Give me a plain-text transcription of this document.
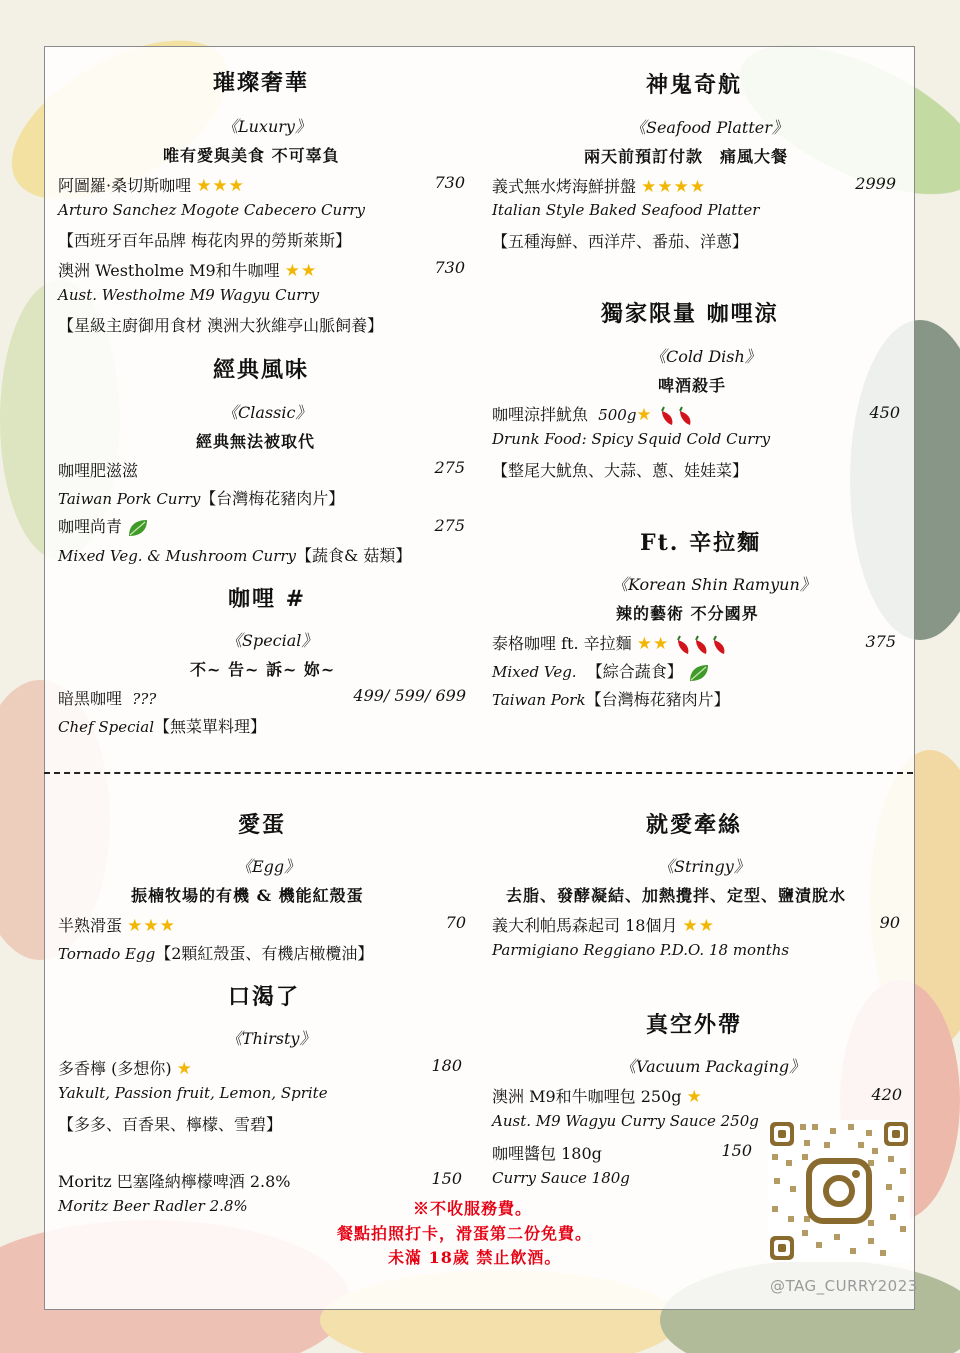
璀璨奢華
《Luxury》
唯有愛與美食 不可辜負
阿圖羅·桑切斯咖哩 ★★★	730
Arturo Sanchez Mogote Cabecero Curry
【西班牙百年品牌 梅花肉界的勞斯萊斯】
澳洲 Westholme M9和牛咖哩 ★★	730
Aust. Westholme M9 Wagyu Curry
【星級主廚御用食材 澳洲大狄維亭山脈飼養】
經典風味
《Classic》
經典無法被取代
咖哩肥滋滋	275
Taiwan Pork Curry【台灣梅花豬肉片】
咖哩尚青	275
Mixed Veg. & Mushroom Curry【蔬食& 菇類】
咖哩 #
《Special》
不~ 告~ 訴~ 妳~
暗黑咖哩 ???	499/ 599/ 699
Chef Special【無菜單料理】
神鬼奇航
《Seafood Platter》
兩天前預訂付款　痛風大餐
義式無水烤海鮮拼盤 ★★★★	2999
Italian Style Baked Seafood Platter
【五種海鮮、西洋芹、番茄、洋蔥】
獨家限量 咖哩涼
《Cold Dish》
啤酒殺手
咖哩涼拌魷魚 500g★	450
Drunk Food: Spicy Squid Cold Curry
【整尾大魷魚、大蒜、蔥、娃娃菜】
Ft. 辛拉麵
《Korean Shin Ramyun》
辣的藝術 不分國界
泰格咖哩 ft. 辛拉麵 ★★	375
Mixed Veg. 【綜合蔬食】
Taiwan Pork【台灣梅花豬肉片】
愛蛋
《Egg》
振楠牧場的有機 & 機能紅殼蛋
半熟滑蛋 ★★★	70
Tornado Egg【2顆紅殼蛋、有機店橄欖油】
口渴了
《Thirsty》
多香檸 (多想你) ★	180
Yakult, Passion fruit, Lemon, Sprite
【多多、百香果、檸檬、雪碧】
Moritz 巴塞隆納檸檬啤酒 2.8%	150
Moritz Beer Radler 2.8%
就愛牽絲
《Stringy》
去脂、發酵凝結、加熱攪拌、定型、鹽漬脫水
義大利帕馬森起司 18個月 ★★	90
Parmigiano Reggiano P.D.O. 18 months
真空外帶
《Vacuum Packaging》
澳洲 M9和牛咖哩包 250g ★	420
Aust. M9 Wagyu Curry Sauce 250g
咖哩醬包 180g	150
Curry Sauce 180g
※不收服務費。
餐點拍照打卡，滑蛋第二份免費。
未滿 18歲 禁止飲酒。
@TAG_CURRY2023
